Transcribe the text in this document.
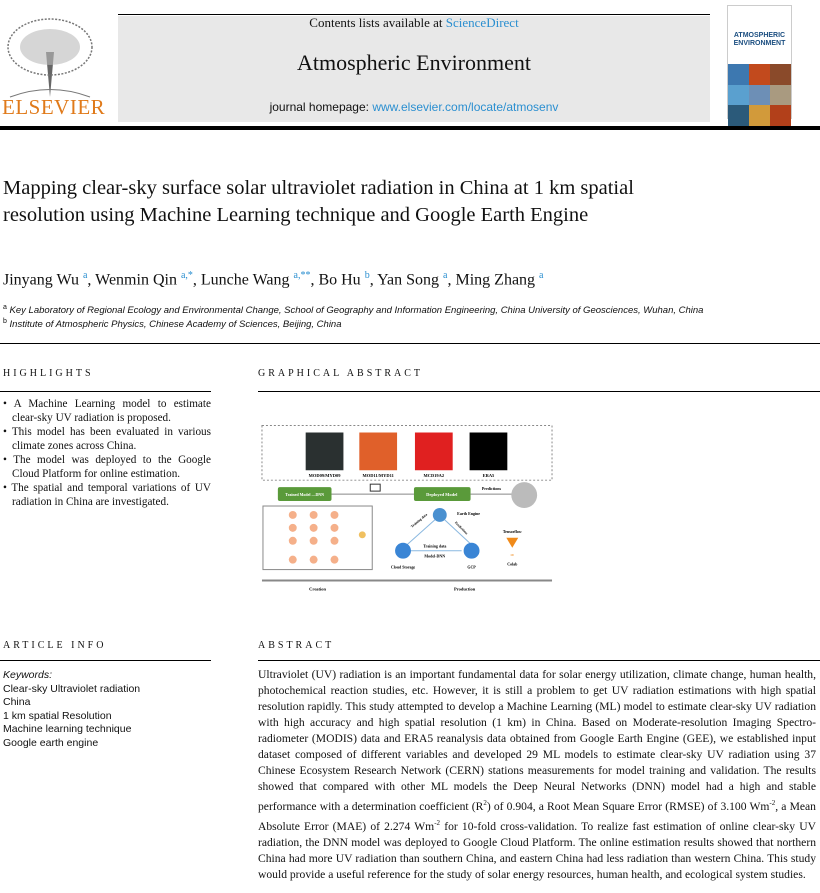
ELSEVIER
Contents lists available at ScienceDirect
Atmospheric Environment
journal homepage: www.elsevier.com/locate/atmosenv
ATMOSPHERIC
ENVIRONMENT
Mapping clear-sky surface solar ultraviolet radiation in China at 1 km spatial resolution using Machine Learning technique and Google Earth Engine
Jinyang Wu $^a$, Wenmin Qin $^{a,*}$, Lunche Wang $^{a,**}$, Bo Hu $^b$, Yan Song $^a$, Ming Zhang $^a$
$^a$ Key Laboratory of Regional Ecology and Environmental Change, School of Geography and Information Engineering, China University of Geosciences, Wuhan, China
$^b$ Institute of Atmospheric Physics, Chinese Academy of Sciences, Beijing, China
HIGHLIGHTS
• A Machine Learning model to estimate clear-sky UV radiation is proposed.
• This model has been evaluated in various climate zones across China.
• The model was deployed to the Google Cloud Platform for online estimation.
• The spatial and temporal variations of UV radiation in China are investigated.
GRAPHICAL ABSTRACT
MOD09/MYD09	MOD11/MYD11	MCD19A2	ERA5
Trained Model —DNN	Deployed Model
Predictions
Earth Engine
Training data	Predictions
Training data
Model-DNN
Cloud Storage	GCP
Tensorflow
∞
Colab
Creation	Production
ARTICLE INFO
Keywords:
Clear-sky Ultraviolet radiation
China
1 km spatial Resolution
Machine learning technique
Google earth engine
ABSTRACT
Ultraviolet (UV) radiation is an important fundamental data for solar energy utilization, climate change, human health, photochemical reaction studies, etc. However, it is still a problem to get UV radiation estimations with high spatial resolution rapidly. This study attempted to develop a Machine Learning (ML) model to estimate clear-sky UV radiation with high accuracy and high spatial resolution (1 km) in China. Based on Moderate-resolution Imaging Spectro-radiometer (MODIS) data and ERA5 reanalysis data obtained from Google Earth Engine (GEE), we established input dataset composed of different variables and developed 29 ML models to estimate clear-sky UV radiation using 37 Chinese Ecosystem Research Network (CERN) stations measurements for model training and validation. The results showed that compared with other ML models the Deep Neural Networks (DNN) model had a high and stable performance with a determination coefficient $(R^2)$ of 0.904, a Root Mean Square Error (RMSE) of 3.100 $Wm^{-2}$, a Mean Absolute Error (MAE) of 2.274 $Wm^{-2}$ for 10-fold cross-validation. To realize fast estimation of online clear-sky UV radiation, the DNN model was deployed to Google Cloud Platform. The online estimation results showed that northern China had more UV radiation than southern China, and eastern China had less radiation than western China. This study would provide a useful reference for the study of solar energy resources, human health, and ecological system studies.
